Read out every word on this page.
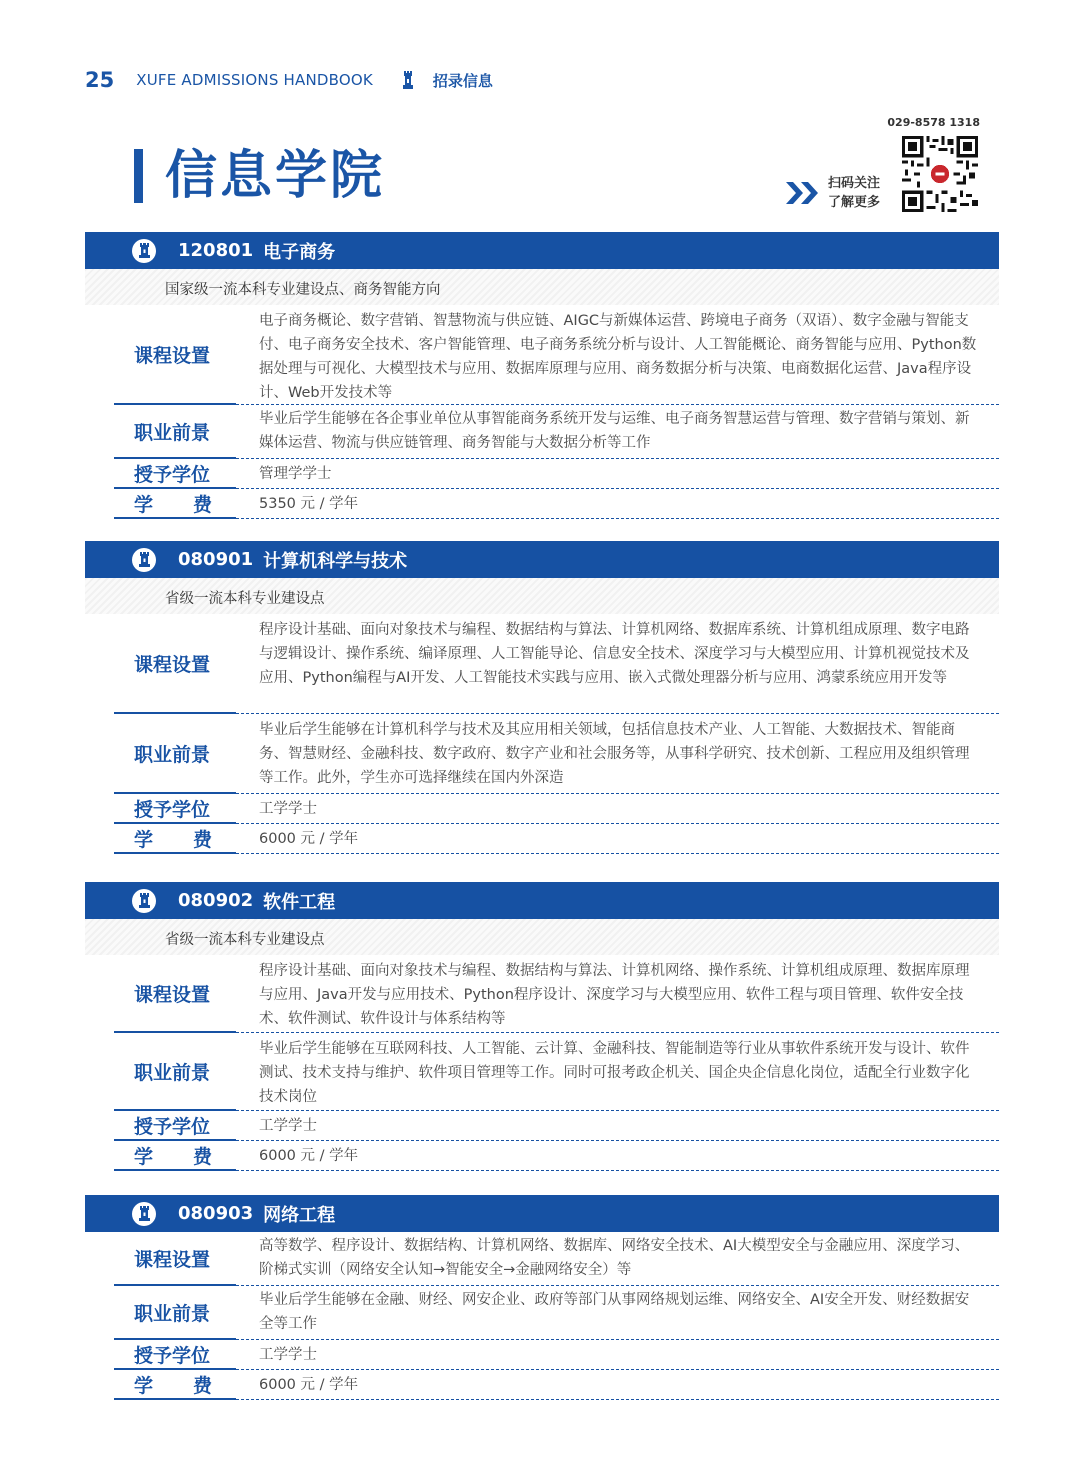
25 XUFE ADMISSIONS HANDBOOK	招录信息
信息学院
029-8578 1318
扫码关注
了解更多
120801 电子商务
国家级一流本科专业建设点、商务智能方向
课程设置
电子商务概论、数字营销、智慧物流与供应链、AIGC与新媒体运营、跨境电子商务（双语）、数字金融与智能支付、电子商务安全技术、客户智能管理、电子商务系统分析与设计、人工智能概论、商务智能与应用、Python数据处理与可视化、大模型技术与应用、数据库原理与应用、商务数据分析与决策、电商数据化运营、Java程序设计、Web开发技术等
职业前景
毕业后学生能够在各企事业单位从事智能商务系统开发与运维、电子商务智慧运营与管理、数字营销与策划、新媒体运营、物流与供应链管理、商务智能与大数据分析等工作
授予学位	管理学学士
学 费	5350 元 / 学年
080901 计算机科学与技术
省级一流本科专业建设点
课程设置
程序设计基础、面向对象技术与编程、数据结构与算法、计算机网络、数据库系统、计算机组成原理、数字电路与逻辑设计、操作系统、编译原理、人工智能导论、信息安全技术、深度学习与大模型应用、计算机视觉技术及应用、Python编程与AI开发、人工智能技术实践与应用、嵌入式微处理器分析与应用、鸿蒙系统应用开发等
职业前景
毕业后学生能够在计算机科学与技术及其应用相关领域，包括信息技术产业、人工智能、大数据技术、智能商务、智慧财经、金融科技、数字政府、数字产业和社会服务等，从事科学研究、技术创新、工程应用及组织管理等工作。此外，学生亦可选择继续在国内外深造
授予学位	工学学士
学 费	6000 元 / 学年
080902 软件工程
省级一流本科专业建设点
课程设置
程序设计基础、面向对象技术与编程、数据结构与算法、计算机网络、操作系统、计算机组成原理、数据库原理与应用、Java开发与应用技术、Python程序设计、深度学习与大模型应用、软件工程与项目管理、软件安全技术、软件测试、软件设计与体系结构等
职业前景
毕业后学生能够在互联网科技、人工智能、云计算、金融科技、智能制造等行业从事软件系统开发与设计、软件测试、技术支持与维护、软件项目管理等工作。同时可报考政企机关、国企央企信息化岗位，适配全行业数字化技术岗位
授予学位	工学学士
学 费	6000 元 / 学年
080903 网络工程
课程设置
高等数学、程序设计、数据结构、计算机网络、数据库、网络安全技术、AI大模型安全与金融应用、深度学习、阶梯式实训（网络安全认知→智能安全→金融网络安全）等
职业前景
毕业后学生能够在金融、财经、网安企业、政府等部门从事网络规划运维、网络安全、AI安全开发、财经数据安全等工作
授予学位	工学学士
学 费	6000 元 / 学年
